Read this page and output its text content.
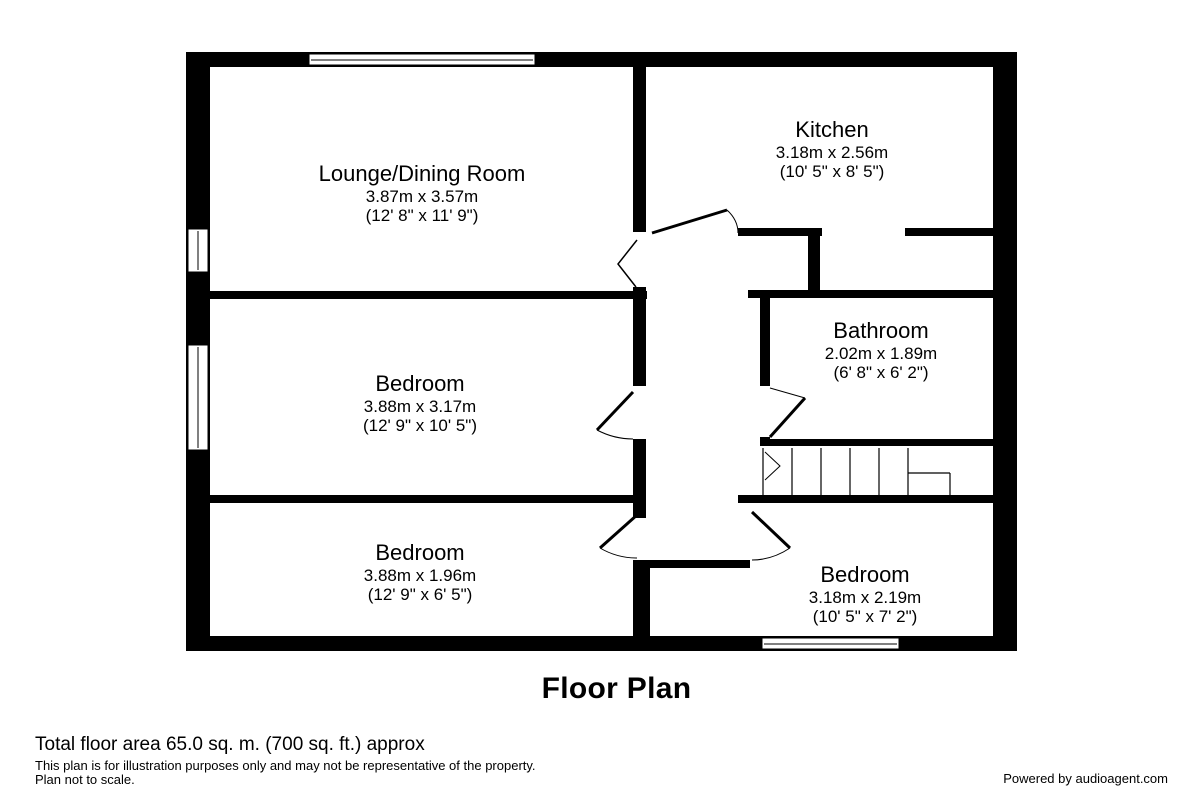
Lounge/Dining Room
3.87m x 3.57m
(12' 8" x 11' 9")
Kitchen
3.18m x 2.56m
(10' 5" x 8' 5")
Bathroom
2.02m x 1.89m
(6' 8" x 6' 2")
Bedroom
3.88m x 3.17m
(12' 9" x 10' 5")
Bedroom
3.88m x 1.96m
(12' 9" x 6' 5")
Bedroom
3.18m x 2.19m
(10' 5" x 7' 2")
Floor Plan
Total floor area 65.0 sq. m. (700 sq. ft.) approx
This plan is for illustration purposes only and may not be representative of the property.
Plan not to scale.	Powered by audioagent.com
